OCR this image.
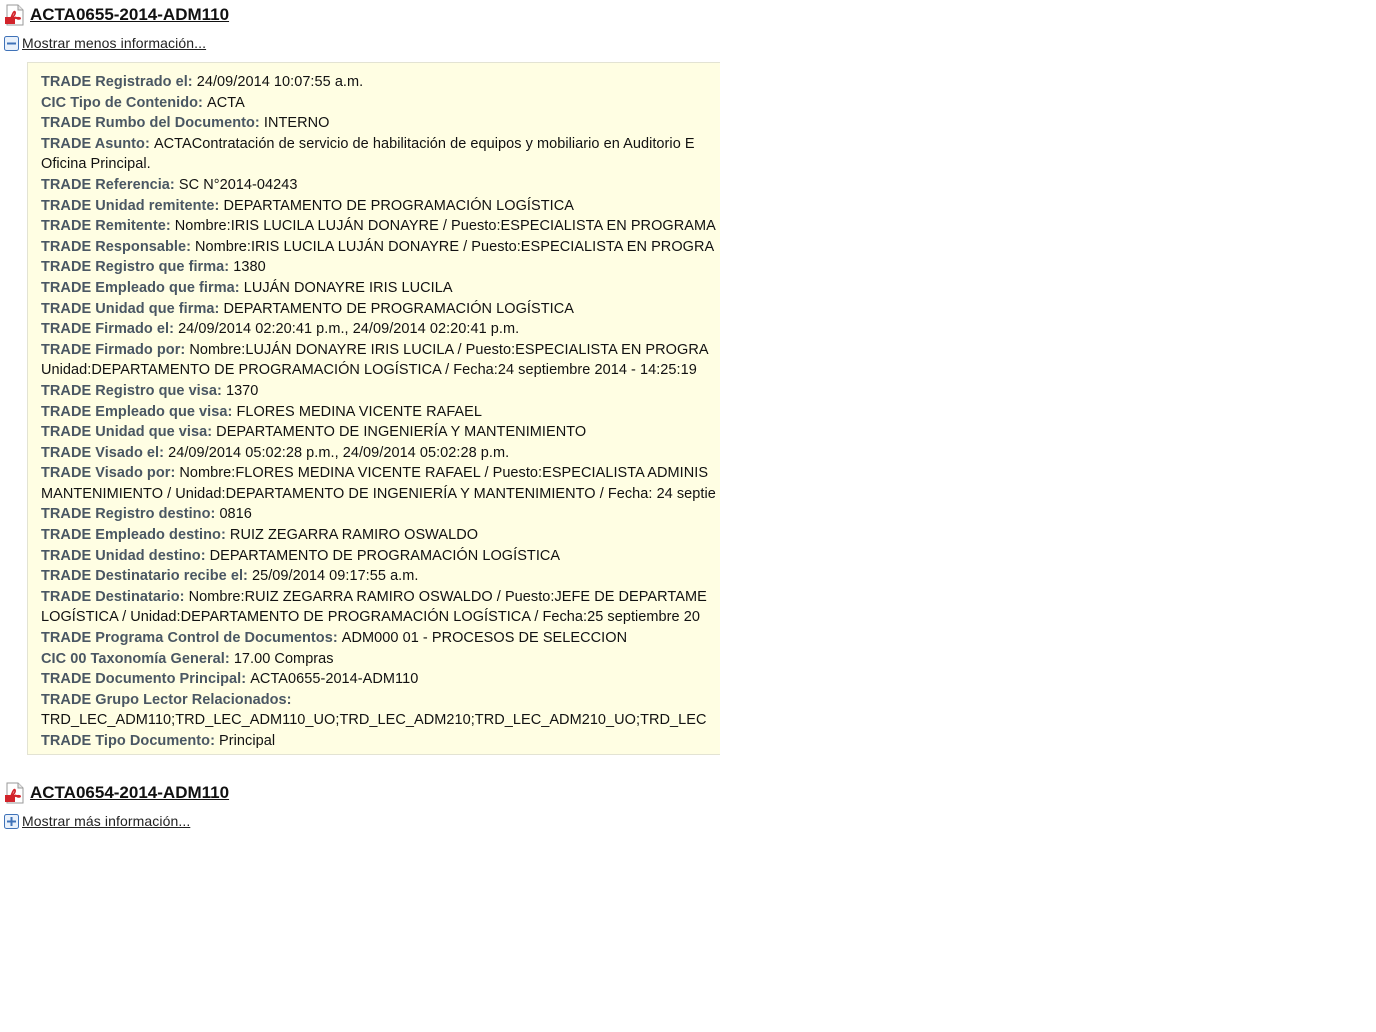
ACTA0655-2014-ADM110
Mostrar menos información...
TRADE Registrado el: 24/09/2014 10:07:55 a.m.
CIC Tipo de Contenido: ACTA
TRADE Rumbo del Documento: INTERNO
TRADE Asunto: ACTAContratación de servicio de habilitación de equipos y mobiliario en Auditorio E
Oficina Principal.
TRADE Referencia: SC N°2014-04243
TRADE Unidad remitente: DEPARTAMENTO DE PROGRAMACIÓN LOGÍSTICA
TRADE Remitente: Nombre:IRIS LUCILA LUJÁN DONAYRE / Puesto:ESPECIALISTA EN PROGRAMA
TRADE Responsable: Nombre:IRIS LUCILA LUJÁN DONAYRE / Puesto:ESPECIALISTA EN PROGRA
TRADE Registro que firma: 1380
TRADE Empleado que firma: LUJÁN DONAYRE IRIS LUCILA
TRADE Unidad que firma: DEPARTAMENTO DE PROGRAMACIÓN LOGÍSTICA
TRADE Firmado el: 24/09/2014 02:20:41 p.m., 24/09/2014 02:20:41 p.m.
TRADE Firmado por: Nombre:LUJÁN DONAYRE IRIS LUCILA / Puesto:ESPECIALISTA EN PROGRA
Unidad:DEPARTAMENTO DE PROGRAMACIÓN LOGÍSTICA / Fecha:24 septiembre 2014 - 14:25:19
TRADE Registro que visa: 1370
TRADE Empleado que visa: FLORES MEDINA VICENTE RAFAEL
TRADE Unidad que visa: DEPARTAMENTO DE INGENIERÍA Y MANTENIMIENTO
TRADE Visado el: 24/09/2014 05:02:28 p.m., 24/09/2014 05:02:28 p.m.
TRADE Visado por: Nombre:FLORES MEDINA VICENTE RAFAEL / Puesto:ESPECIALISTA ADMINIS
MANTENIMIENTO / Unidad:DEPARTAMENTO DE INGENIERÍA Y MANTENIMIENTO / Fecha: 24 septie
TRADE Registro destino: 0816
TRADE Empleado destino: RUIZ ZEGARRA RAMIRO OSWALDO
TRADE Unidad destino: DEPARTAMENTO DE PROGRAMACIÓN LOGÍSTICA
TRADE Destinatario recibe el: 25/09/2014 09:17:55 a.m.
TRADE Destinatario: Nombre:RUIZ ZEGARRA RAMIRO OSWALDO / Puesto:JEFE DE DEPARTAME
LOGÍSTICA / Unidad:DEPARTAMENTO DE PROGRAMACIÓN LOGÍSTICA / Fecha:25 septiembre 20
TRADE Programa Control de Documentos: ADM000 01 - PROCESOS DE SELECCION
CIC 00 Taxonomía General: 17.00 Compras
TRADE Documento Principal: ACTA0655-2014-ADM110
TRADE Grupo Lector Relacionados:
TRD_LEC_ADM110;TRD_LEC_ADM110_UO;TRD_LEC_ADM210;TRD_LEC_ADM210_UO;TRD_LEC
TRADE Tipo Documento: Principal
ACTA0654-2014-ADM110
Mostrar más información...
